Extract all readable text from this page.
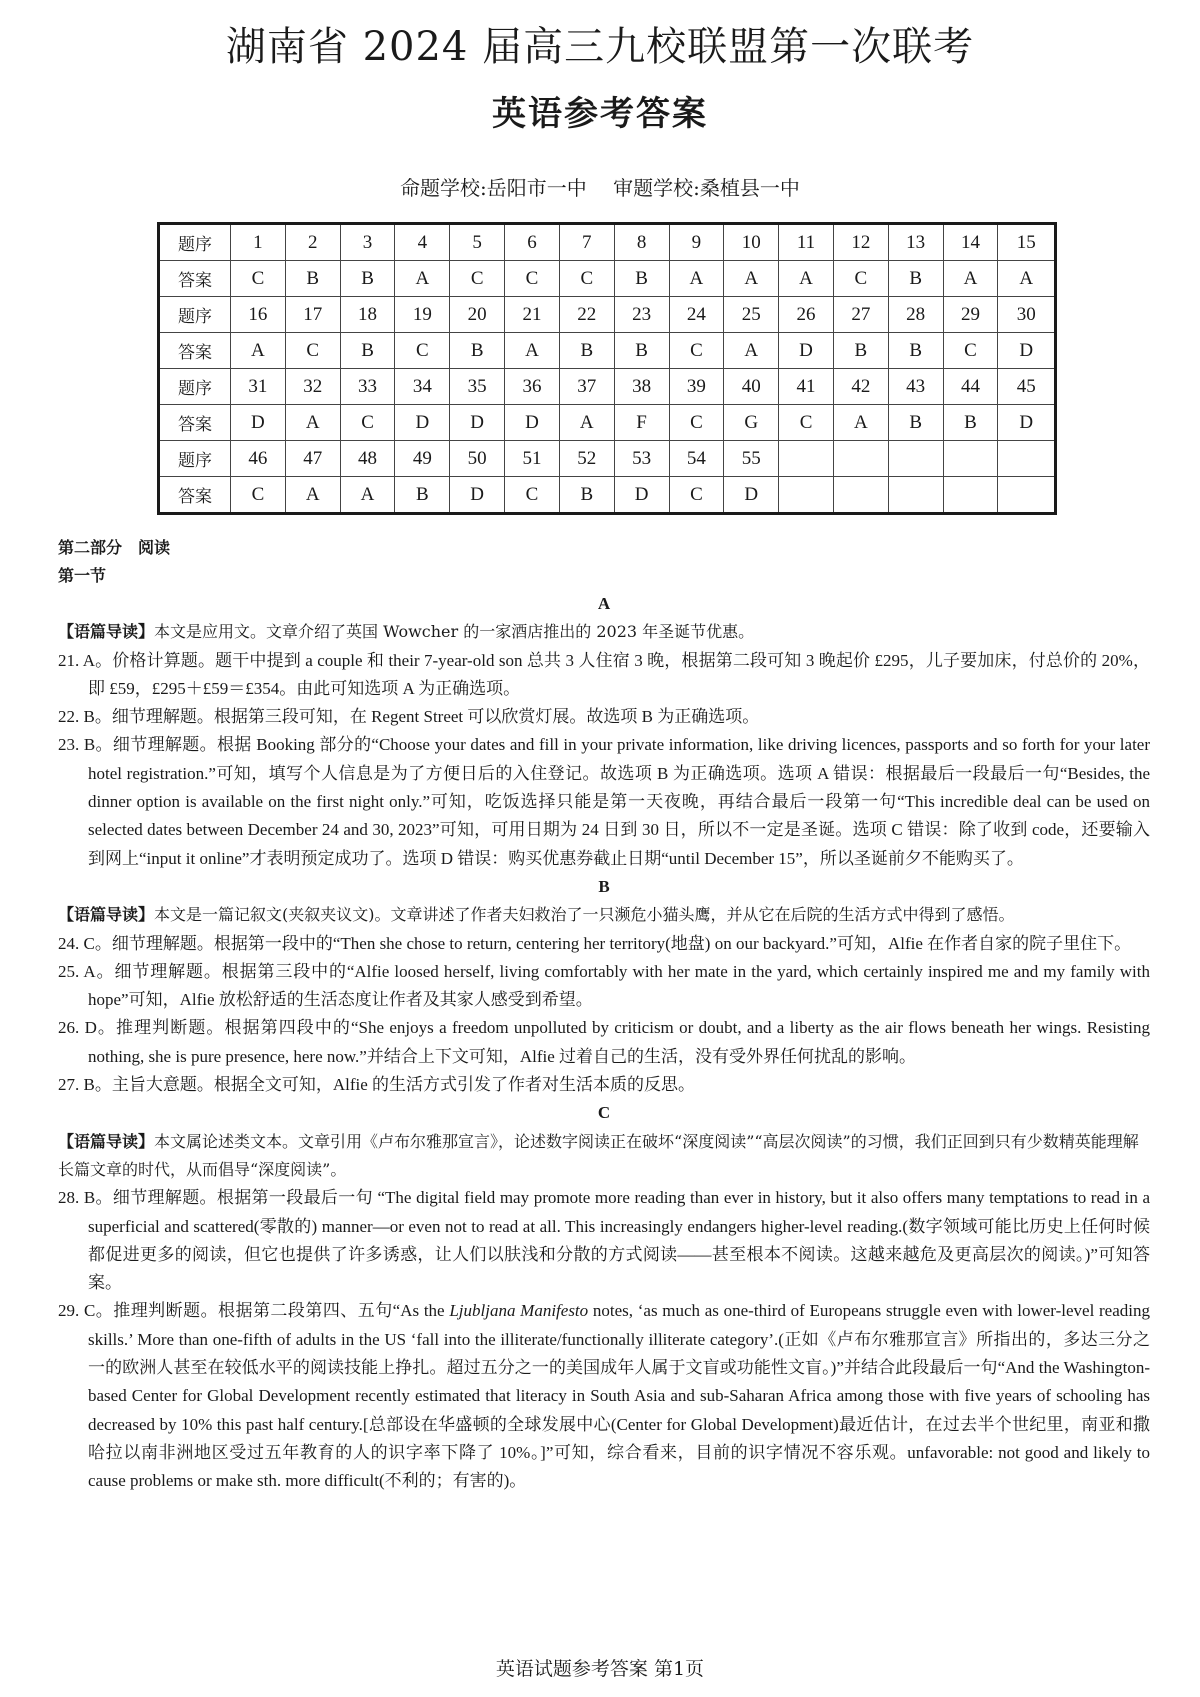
湖南省 2024 届高三九校联盟第一次联考
英语参考答案
命题学校:岳阳市一中 审题学校:桑植县一中
题序	1	2	3	4	5	6	7	8	9	10	11	12	13	14	15
答案	C	B	B	A	C	C	C	B	A	A	A	C	B	A	A
题序	16	17	18	19	20	21	22	23	24	25	26	27	28	29	30
答案	A	C	B	C	B	A	B	B	C	A	D	B	B	C	D
题序	31	32	33	34	35	36	37	38	39	40	41	42	43	44	45
答案	D	A	C	D	D	D	A	F	C	G	C	A	B	B	D
题序	46	47	48	49	50	51	52	53	54	55					
答案	C	A	A	B	D	C	B	D	C	D					
第二部分　阅读
第一节
A
【语篇导读】本文是应用文。文章介绍了英国 Wowcher 的一家酒店推出的 2023 年圣诞节优惠。
21. A。价格计算题。题干中提到 a couple 和 their 7-year-old son 总共 3 人住宿 3 晚，根据第二段可知 3 晚起价 £295，儿子要加床，付总价的 20%，即 £59，£295＋£59＝£354。由此可知选项 A 为正确选项。
22. B。细节理解题。根据第三段可知，在 Regent Street 可以欣赏灯展。故选项 B 为正确选项。
23. B。细节理解题。根据 Booking 部分的“Choose your dates and fill in your private information, like driving licences, passports and so forth for your later hotel registration.”可知，填写个人信息是为了方便日后的入住登记。故选项 B 为正确选项。选项 A 错误：根据最后一段最后一句“Besides, the dinner option is available on the first night only.”可知，吃饭选择只能是第一天夜晚，再结合最后一段第一句“This incredible deal can be used on selected dates between December 24 and 30, 2023”可知，可用日期为 24 日到 30 日，所以不一定是圣诞。选项 C 错误：除了收到 code，还要输入到网上“input it online”才表明预定成功了。选项 D 错误：购买优惠券截止日期“until December 15”，所以圣诞前夕不能购买了。
B
【语篇导读】本文是一篇记叙文(夹叙夹议文)。文章讲述了作者夫妇救治了一只濒危小猫头鹰，并从它在后院的生活方式中得到了感悟。
24. C。细节理解题。根据第一段中的“Then she chose to return, centering her territory(地盘) on our backyard.”可知，Alfie 在作者自家的院子里住下。
25. A。细节理解题。根据第三段中的“Alfie loosed herself, living comfortably with her mate in the yard, which certainly inspired me and my family with hope”可知，Alfie 放松舒适的生活态度让作者及其家人感受到希望。
26. D。推理判断题。根据第四段中的“She enjoys a freedom unpolluted by criticism or doubt, and a liberty as the air flows beneath her wings. Resisting nothing, she is pure presence, here now.”并结合上下文可知，Alfie 过着自己的生活，没有受外界任何扰乱的影响。
27. B。主旨大意题。根据全文可知，Alfie 的生活方式引发了作者对生活本质的反思。
C
【语篇导读】本文属论述类文本。文章引用《卢布尔雅那宣言》，论述数字阅读正在破坏“深度阅读”“高层次阅读”的习惯，我们正回到只有少数精英能理解长篇文章的时代，从而倡导“深度阅读”。
28. B。细节理解题。根据第一段最后一句 “The digital field may promote more reading than ever in history, but it also offers many temptations to read in a superficial and scattered(零散的) manner—or even not to read at all. This increasingly endangers higher-level reading.(数字领域可能比历史上任何时候都促进更多的阅读，但它也提供了许多诱惑，让人们以肤浅和分散的方式阅读——甚至根本不阅读。这越来越危及更高层次的阅读。)”可知答案。
29. C。推理判断题。根据第二段第四、五句“As the Ljubljana Manifesto notes, ‘as much as one-third of Europeans struggle even with lower-level reading skills.’ More than one-fifth of adults in the US ‘fall into the illiterate/functionally illiterate category’.(正如《卢布尔雅那宣言》所指出的，多达三分之一的欧洲人甚至在较低水平的阅读技能上挣扎。超过五分之一的美国成年人属于文盲或功能性文盲。)”并结合此段最后一句“And the Washington-based Center for Global Development recently estimated that literacy in South Asia and sub-Saharan Africa among those with five years of schooling has decreased by 10% this past half century.[总部设在华盛顿的全球发展中心(Center for Global Development)最近估计，在过去半个世纪里，南亚和撒哈拉以南非洲地区受过五年教育的人的识字率下降了 10%。]”可知，综合看来，目前的识字情况不容乐观。unfavorable: not good and likely to cause problems or make sth. more difficult(不利的；有害的)。
英语试题参考答案 第1页
